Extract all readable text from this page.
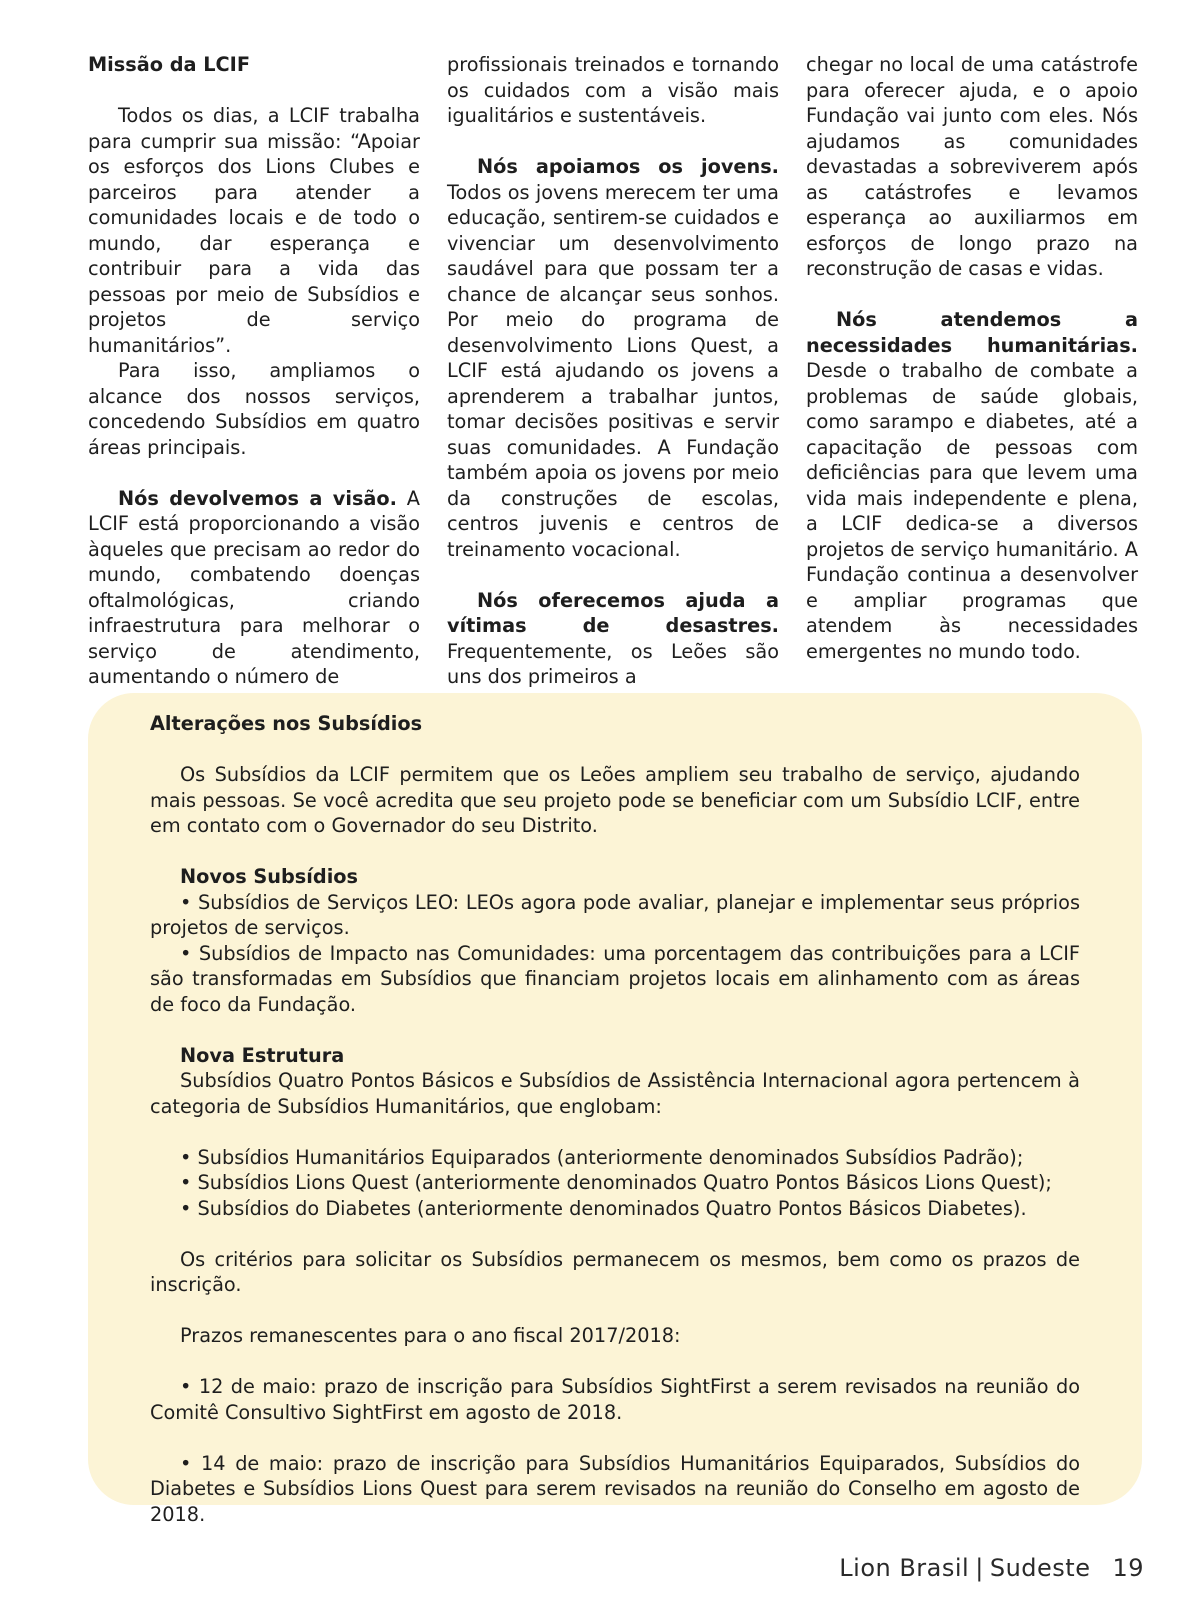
Missão da LCIF

Todos os dias, a LCIF trabalha para cumprir sua missão: “Apoiar os esforços dos Lions Clubes e parceiros para atender a comunidades locais e de todo o mundo, dar esperança e contribuir para a vida das pessoas por meio de Subsídios e projetos de serviço humanitários”.

Para isso, ampliamos o alcance dos nossos serviços, concedendo Subsídios em quatro áreas principais.

Nós devolvemos a visão. A LCIF está proporcionando a visão àqueles que precisam ao redor do mundo, combatendo doenças oftalmológicas, criando infraestrutura para melhorar o serviço de atendimento, aumentando o número de

profissionais treinados e tornando os cuidados com a visão mais igualitários e sustentáveis.

Nós apoiamos os jovens. Todos os jovens merecem ter uma educação, sentirem-se cuidados e vivenciar um desenvolvimento saudável para que possam ter a chance de alcançar seus sonhos. Por meio do programa de desenvolvimento Lions Quest, a LCIF está ajudando os jovens a aprenderem a trabalhar juntos, tomar decisões positivas e servir suas comunidades. A Fundação também apoia os jovens por meio da construções de escolas, centros juvenis e centros de treinamento vocacional.

Nós oferecemos ajuda a vítimas de desastres. Frequentemente, os Leões são uns dos primeiros a

chegar no local de uma catástrofe para oferecer ajuda, e o apoio Fundação vai junto com eles. Nós ajudamos as comunidades devastadas a sobreviverem após as catástrofes e levamos esperança ao auxiliarmos em esforços de longo prazo na reconstrução de casas e vidas.

Nós atendemos a necessidades humanitárias. Desde o trabalho de combate a problemas de saúde globais, como sarampo e diabetes, até a capacitação de pessoas com deficiências para que levem uma vida mais independente e plena, a LCIF dedica-se a diversos projetos de serviço humanitário. A Fundação continua a desenvolver e ampliar programas que atendem às necessidades emergentes no mundo todo.

Alterações nos Subsídios

Os Subsídios da LCIF permitem que os Leões ampliem seu trabalho de serviço, ajudando mais pessoas. Se você acredita que seu projeto pode se beneficiar com um Subsídio LCIF, entre em contato com o Governador do seu Distrito.

Novos Subsídios

• Subsídios de Serviços LEO: LEOs agora pode avaliar, planejar e implementar seus próprios projetos de serviços.

• Subsídios de Impacto nas Comunidades: uma porcentagem das contribuições para a LCIF são transformadas em Subsídios que financiam projetos locais em alinhamento com as áreas de foco da Fundação.

Nova Estrutura

Subsídios Quatro Pontos Básicos e Subsídios de Assistência Internacional agora pertencem à categoria de Subsídios Humanitários, que englobam:

• Subsídios Humanitários Equiparados (anteriormente denominados Subsídios Padrão);

• Subsídios Lions Quest (anteriormente denominados Quatro Pontos Básicos Lions Quest);

• Subsídios do Diabetes (anteriormente denominados Quatro Pontos Básicos Diabetes).

Os critérios para solicitar os Subsídios permanecem os mesmos, bem como os prazos de inscrição.

Prazos remanescentes para o ano fiscal 2017/2018:

• 12 de maio: prazo de inscrição para Subsídios SightFirst a serem revisados na reunião do Comitê Consultivo SightFirst em agosto de 2018.

• 14 de maio: prazo de inscrição para Subsídios Humanitários Equiparados, Subsídios do Diabetes e Subsídios Lions Quest para serem revisados na reunião do Conselho em agosto de 2018.

Lion Brasil | Sudeste 19
